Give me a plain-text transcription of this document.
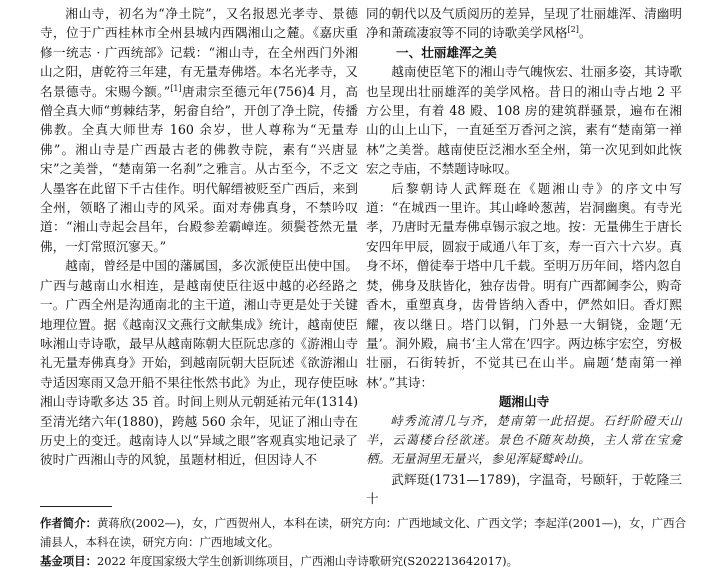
湘山寺，初名为“净土院”，又名报恩光孝寺、景德寺，位于广西桂林市全州县城内西隅湘山之麓。《嘉庆重修一统志 · 广西统部》记载：“湘山寺，在全州西门外湘山之阳，唐乾符三年建，有无量寿佛塔。本名光孝寺，又名景德寺。宋赐今额。”[1]唐肃宗至德元年(756)4 月，高僧全真大师“剪棘结茅，躬畲自给”，开创了净土院，传播佛教。全真大师世寿 160 余岁，世人尊称为“无量寿佛”。湘山寺是广西最古老的佛教寺院，素有“兴唐显宋”之美誉，“楚南第一名刹”之雅言。从古至今，不乏文人墨客在此留下千古佳作。明代解缙被贬至广西后，来到全州，领略了湘山寺的风采。面对寿佛真身，不禁吟叹道：“湘山寺起会昌年，台殿参差霸嶂连。须鬓苍然无量佛，一灯常照沉寥天。”

越南，曾经是中国的藩属国，多次派使臣出使中国。广西与越南山水相连，是越南使臣往返中越的必经路之一。广西全州是沟通南北的主干道，湘山寺更是处于关键地理位置。据《越南汉文燕行文献集成》统计，越南使臣咏湘山寺诗歌，最早从越南陈朝大臣阮忠彦的《游湘山寺礼无量寿佛真身》开始，到越南阮朝大臣阮述《欲游湘山寺适因寒雨又急开船不果往怅然书此》为止，现存使臣咏湘山寺诗歌多达 35 首。时间上则从元朝延祐元年(1314)至清光绪六年(1880)，跨越 560 余年，见证了湘山寺在历史上的变迁。越南诗人以“异域之眼”客观真实地记录了彼时广西湘山寺的风貌，虽题材相近，但因诗人不

同的朝代以及气质阅历的差异，呈现了壮丽雄浑、清幽明净和萧疏凄寂等不同的诗歌美学风格[2]。

一、壮丽雄浑之美

越南使臣笔下的湘山寺气魄恢宏、壮丽多姿，其诗歌也呈现出壮丽雄浑的美学风格。昔日的湘山寺占地 2 平方公里，有着 48 殿、108 房的建筑群骚景，遍布在湘山的山上山下，一直延至万香河之滨，素有“楚南第一禅林”之美誉。越南使臣泛湘水至全州，第一次见到如此恢宏之寺庙，不禁题诗咏叹。

后黎朝诗人武辉珽在《题湘山寺》的序文中写道：“在城西一里许。其山峰岭葱茜，岩洞幽奥。有寺光孝，乃唐时无量寿佛卓锡示寂之地。按：无量佛生于唐长安四年甲辰，圆寂于咸通八年丁亥，寿一百六十六岁。真身不坏，僧徒奉于塔中几千载。至明万历年间，塔内忽自焚，佛身及肤皆化，独存齿骨。明有广西都阃李公，购奇香木，重塑真身，齿骨皆纳入香中，俨然如旧。香灯熙耀，夜以继日。塔门以铜，门外悬一大铜铙，金题‘无量’。洞外殿，扁书‘主人常在’四字。两边栋宇宏空，穷极壮丽，石街转折，不觉其已在山半。扁题‘楚南第一禅林’。”其诗：

题湘山寺

峙秀流清几与齐，楚南第一此招提。石纡阶磴天山半，云蔼楼台径欲迷。景色不随灰劫换，主人常在宝龛栖。无量洞里无量兴，参见浑疑鹫岭山。

武辉珽(1731—1789)，字温奇，号颐轩，于乾隆三十

作者简介：黄蒋欣(2002—)，女，广西贺州人，本科在读，研究方向：广西地域文化、广西文学；李起洋(2001—)，女，广西合浦县人，本科在读，研究方向：广西地域文化。

基金项目：2022 年度国家级大学生创新训练项目，广西湘山寺诗歌研究(S202213642017)。
